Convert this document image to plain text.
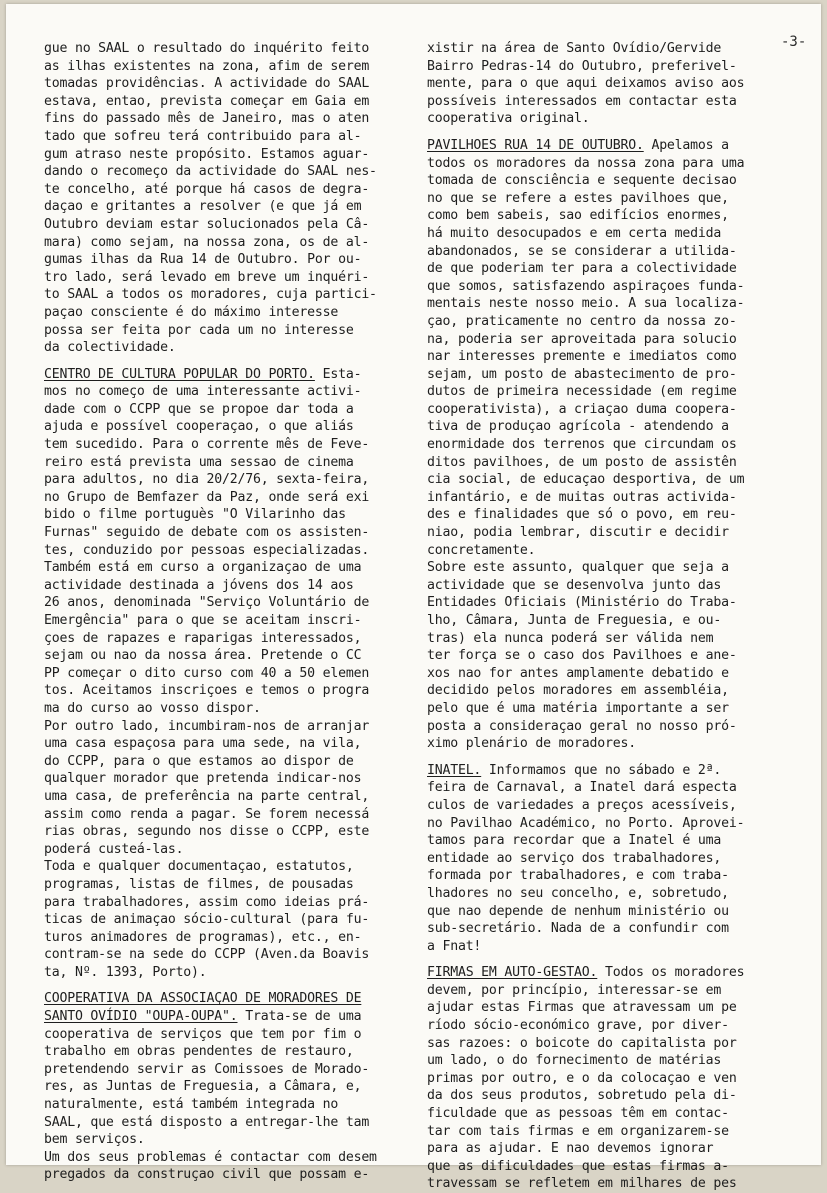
-3-
gue no SAAL o resultado do inquérito feito
as ilhas existentes na zona, afim de serem
tomadas providências. A actividade do SAAL
estava, entao, prevista começar em Gaia em
fins do passado mês de Janeiro, mas o aten
tado que sofreu terá contribuido para al-
gum atraso neste propósito. Estamos aguar-
dando o recomeço da actividade do SAAL nes-
te concelho, até porque há casos de degra-
daçao e gritantes a resolver (e que já em
Outubro deviam estar solucionados pela Câ-
mara) como sejam, na nossa zona, os de al-
gumas ilhas da Rua 14 de Outubro. Por ou-
tro lado, será levado em breve um inquéri-
to SAAL a todos os moradores, cuja partici-
paçao consciente é do máximo interesse
possa ser feita por cada um no interesse
da colectividade.
CENTRO DE CULTURA POPULAR DO PORTO. Esta-
mos no começo de uma interessante activi-
dade com o CCPP que se propoe dar toda a
ajuda e possível cooperaçao, o que aliás
tem sucedido. Para o corrente mês de Feve-
reiro está prevista uma sessao de cinema
para adultos, no dia 20/2/76, sexta-feira,
no Grupo de Bemfazer da Paz, onde será exi
bido o filme portuguès "O Vilarinho das
Furnas" seguido de debate com os assisten-
tes, conduzido por pessoas especializadas.
Também está em curso a organizaçao de uma
actividade destinada a jóvens dos 14 aos
26 anos, denominada "Serviço Voluntário de
Emergência" para o que se aceitam inscri-
çoes de rapazes e raparigas interessados,
sejam ou nao da nossa área. Pretende o CC
PP começar o dito curso com 40 a 50 elemen
tos. Aceitamos inscriçoes e temos o progra
ma do curso ao vosso dispor.
Por outro lado, incumbiram-nos de arranjar
uma casa espaçosa para uma sede, na vila,
do CCPP, para o que estamos ao dispor de
qualquer morador que pretenda indicar-nos
uma casa, de preferência na parte central,
assim como renda a pagar. Se forem necessá
rias obras, segundo nos disse o CCPP, este
poderá custeá-las.
Toda e qualquer documentaçao, estatutos,
programas, listas de filmes, de pousadas
para trabalhadores, assim como ideias prá-
ticas de animaçao sócio-cultural (para fu-
turos animadores de programas), etc., en-
contram-se na sede do CCPP (Aven.da Boavis
ta, Nº. 1393, Porto).
COOPERATIVA DA ASSOCIAÇAO DE MORADORES DE
SANTO OVÍDIO "OUPA-OUPA". Trata-se de uma
cooperativa de serviços que tem por fim o
trabalho em obras pendentes de restauro,
pretendendo servir as Comissoes de Morado-
res, as Juntas de Freguesia, a Câmara, e,
naturalmente, está também integrada no
SAAL, que está disposto a entregar-lhe tam
bem serviços.
Um dos seus problemas é contactar com desem
pregados da construçao civil que possam e-
xistir na área de Santo Ovídio/Gervide
Bairro Pedras-14 do Outubro, preferivel-
mente, para o que aqui deixamos aviso aos
possíveis interessados em contactar esta
cooperativa original.
PAVILHOES RUA 14 DE OUTUBRO. Apelamos a
todos os moradores da nossa zona para uma
tomada de consciência e sequente decisao
no que se refere a estes pavilhoes que,
como bem sabeis, sao edifícios enormes,
há muito desocupados e em certa medida
abandonados, se se considerar a utilida-
de que poderiam ter para a colectividade
que somos, satisfazendo aspiraçoes funda-
mentais neste nosso meio. A sua localiza-
çao, praticamente no centro da nossa zo-
na, poderia ser aproveitada para solucio
nar interesses premente e imediatos como
sejam, um posto de abastecimento de pro-
dutos de primeira necessidade (em regime
cooperativista), a criaçao duma coopera-
tiva de produçao agrícola - atendendo a
enormidade dos terrenos que circundam os
ditos pavilhoes, de um posto de assistên
cia social, de educaçao desportiva, de um
infantário, e de muitas outras activida-
des e finalidades que só o povo, em reu-
niao, podia lembrar, discutir e decidir
concretamente.
Sobre este assunto, qualquer que seja a
actividade que se desenvolva junto das
Entidades Oficiais (Ministério do Traba-
lho, Câmara, Junta de Freguesia, e ou-
tras) ela nunca poderá ser válida nem
ter força se o caso dos Pavilhoes e ane-
xos nao for antes amplamente debatido e
decidido pelos moradores em assembléia,
pelo que é uma matéria importante a ser
posta a consideraçao geral no nosso pró-
ximo plenário de moradores.
INATEL. Informamos que no sábado e 2ª.
feira de Carnaval, a Inatel dará especta
culos de variedades a preços acessíveis,
no Pavilhao Académico, no Porto. Aprovei-
tamos para recordar que a Inatel é uma
entidade ao serviço dos trabalhadores,
formada por trabalhadores, e com traba-
lhadores no seu concelho, e, sobretudo,
que nao depende de nenhum ministério ou
sub-secretário. Nada de a confundir com
a Fnat!
FIRMAS EM AUTO-GESTAO. Todos os moradores
devem, por princípio, interessar-se em
ajudar estas Firmas que atravessam um pe
ríodo sócio-económico grave, por diver-
sas razoes: o boicote do capitalista por
um lado, o do fornecimento de matérias
primas por outro, e o da colocaçao e ven
da dos seus produtos, sobretudo pela di-
ficuldade que as pessoas têm em contac-
tar com tais firmas e em organizarem-se
para as ajudar. E nao devemos ignorar
que as dificuldades que estas firmas a-
travessam se refletem em milhares de pes
